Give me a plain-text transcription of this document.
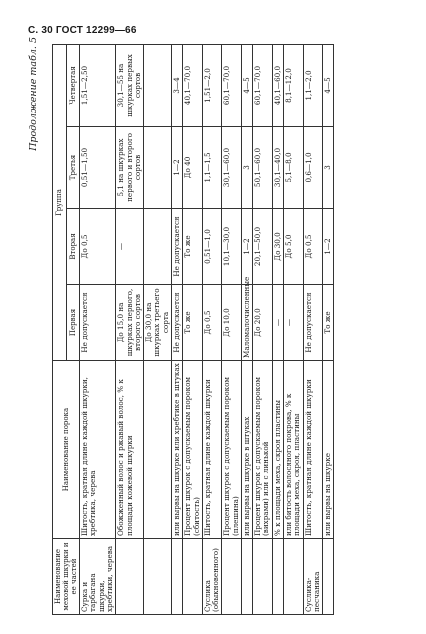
С. 30 ГОСТ 12299—66
Продолжение табл. 5
Наименование меховой шкурки и ее частей	Наименование порока	Группа			
		Первая	Вторая	Третья	Четвертая
Сурка и тарбагана шкурки, хребтики, черева	Шитость, кратная длине каждой шкурки, хребтика, черева	Не допускается	До 0,5	0,51—1,50	1,51—2,50
	Обожженный волос и ржавый волос, % к площади кожевой шкурки	До 15,0 на шкурках первого, второго сортов	—	5,1 на шкурках первого и второго сортов	30,1—55 на шкурках первых сортов
		До 30,0 на шкурках третьего сорта			
	или вырвы на шкурке или хребтике в штуках	Не допускается	Не допускается	1—2	3—4
	Процент шкурок с допускаемым пороком (сбитость)	То же	То же	До 40	40,1—70,0
Суслика (обыкновенного)	Шитость, кратная длине каждой шкурки	До 0,5	0,51—1,0	1,1—1,5	1,51—2,0
	Процент шкурок с допускаемым пороком (плешина)	До 10,0	10,1—30,0	30,1—60,0	60,1—70,0
	или вырвы на шкурке в штуках	Маломалочисленные	1—2	3	4—5
	Процент шкурок с допускаемым пороком (вихрами) или с линькой	До 20,0	20,1—50,0	50,1—60,0	60,1—70,0
	% к площади меха, скроя пластины	—	До 30,0	30,1—40,0	40,1—60,0
	или битость волосяного покрова, % к площади меха, скроя, пластины	—	До 5,0	5,1—8,0	8,1—12,0
Суслика-песчаника	Шитость, кратная длине каждой шкурки	Не допускается	До 0,5	0,6—1,0	1,1—2,0
	или вырвы на шкурке	То же	1—2	3	4—5
